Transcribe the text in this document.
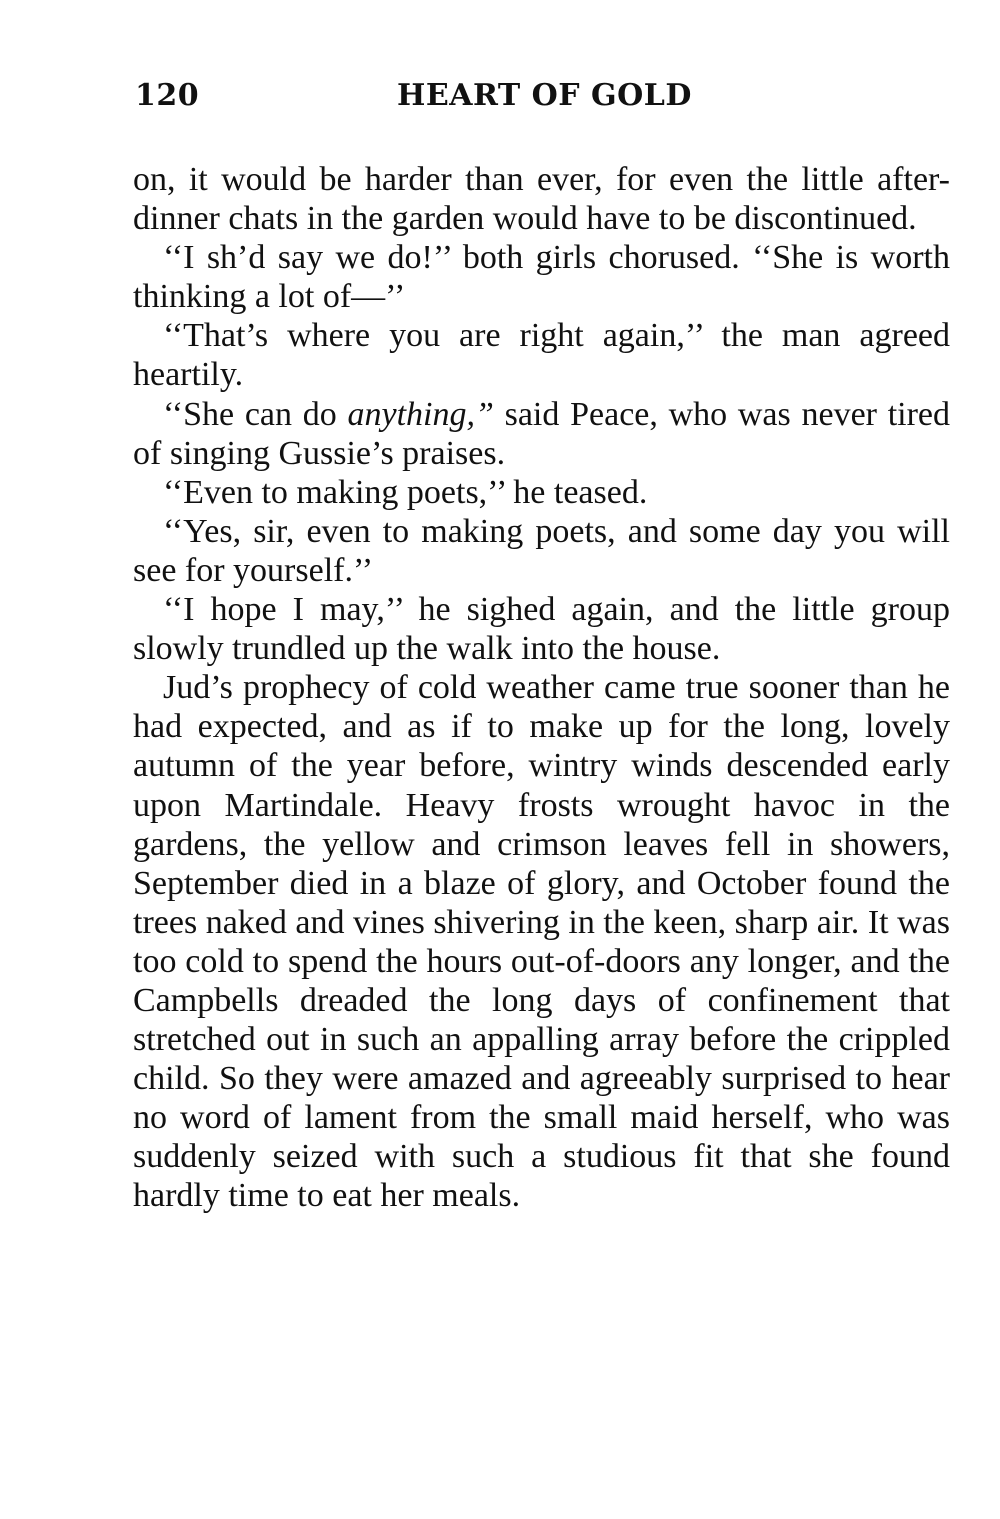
120	HEART OF GOLD

on, it would be harder than ever, for even the little after-dinner chats in the garden would have to be discontinued.

‘‘I sh’d say we do!’’ both girls chorused. ‘‘She is worth thinking a lot of—’’

‘‘That’s where you are right again,’’ the man agreed heartily.

‘‘She can do anything,” said Peace, who was never tired of singing Gussie’s praises.

‘‘Even to making poets,’’ he teased.

‘‘Yes, sir, even to making poets, and some day you will see for yourself.’’

‘‘I hope I may,’’ he sighed again, and the little group slowly trundled up the walk into the house.

Jud’s prophecy of cold weather came true sooner than he had expected, and as if to make up for the long, lovely autumn of the year before, wintry winds descended early upon Martindale. Heavy frosts wrought havoc in the gardens, the yellow and crimson leaves fell in showers, September died in a blaze of glory, and October found the trees naked and vines shivering in the keen, sharp air. It was too cold to spend the hours out-of-doors any longer, and the Campbells dreaded the long days of confinement that stretched out in such an appalling array before the crippled child. So they were amazed and agreeably surprised to hear no word of lament from the small maid herself, who was suddenly seized with such a studious fit that she found hardly time to eat her meals.
